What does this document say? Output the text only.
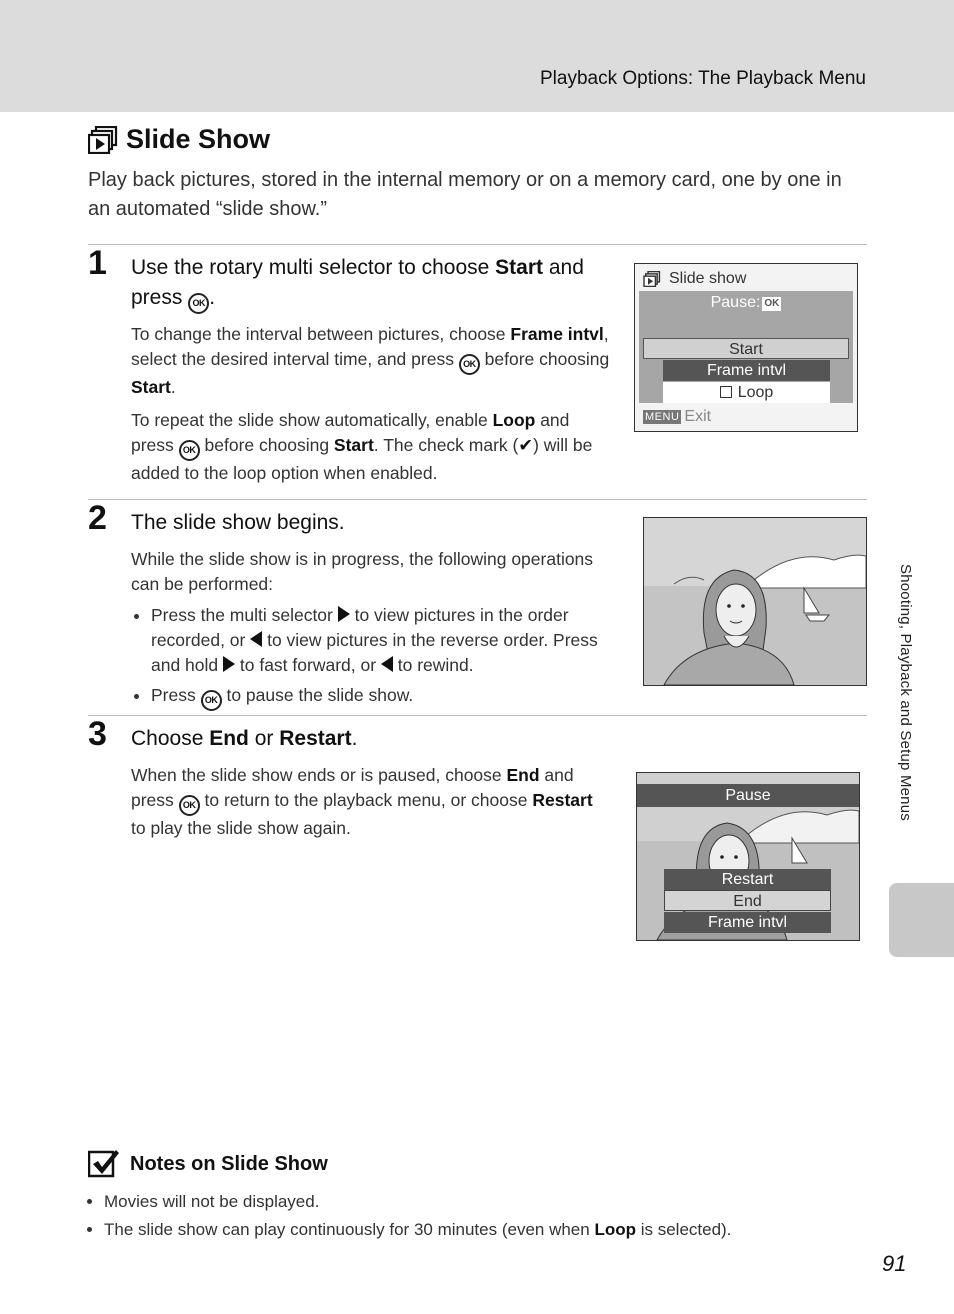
Playback Options: The Playback Menu
Slide Show
Play back pictures, stored in the internal memory or on a memory card, one by one in an automated “slide show.”
1 Use the rotary multi selector to choose Start and press OK .

To change the interval between pictures, choose Frame intvl, select the desired interval time, and press OK before choosing Start.

To repeat the slide show automatically, enable Loop and press OK before choosing Start. The check mark (✔) will be added to the loop option when enabled.

Slide show
Pause: OK
Start
Frame intvl
Loop
MENU Exit
2 The slide show begins.

While the slide show is in progress, the following operations can be performed:

• Press the multi selector  to view pictures in the order recorded, or  to view pictures in the reverse order. Press and hold  to fast forward, or  to rewind.
• Press OK to pause the slide show.
3 Choose End or Restart.

When the slide show ends or is paused, choose End and press OK to return to the playback menu, or choose Restart to play the slide show again.

Pause
Restart
End
Frame intvl
Shooting, Playback and Setup Menus
Notes on Slide Show
• Movies will not be displayed.
• The slide show can play continuously for 30 minutes (even when Loop is selected).
91
